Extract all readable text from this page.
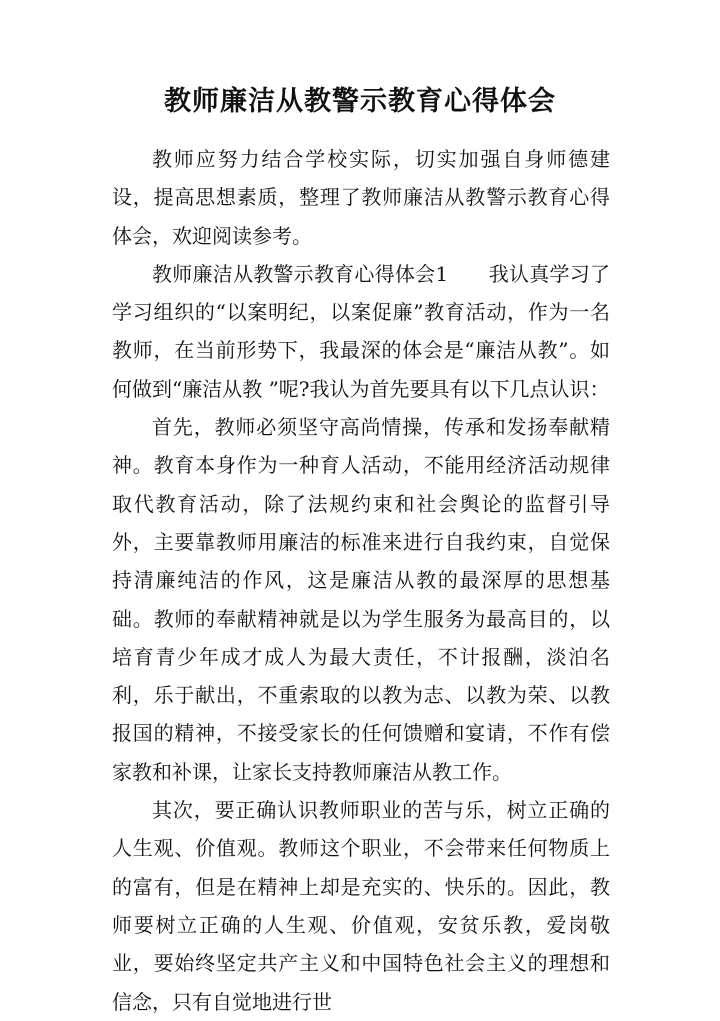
教师廉洁从教警示教育心得体会

教师应努力结合学校实际，切实加强自身师德建设，提高思想素质，整理了教师廉洁从教警示教育心得体会，欢迎阅读参考。

教师廉洁从教警示教育心得体会1　　我认真学习了学习组织的“以案明纪，以案促廉”教育活动，作为一名教师，在当前形势下，我最深的体会是“廉洁从教”。如何做到“廉洁从教 ”呢?我认为首先要具有以下几点认识：

首先，教师必须坚守高尚情操，传承和发扬奉献精神。教育本身作为一种育人活动，不能用经济活动规律取代教育活动，除了法规约束和社会舆论的监督引导外，主要靠教师用廉洁的标准来进行自我约束，自觉保持清廉纯洁的作风，这是廉洁从教的最深厚的思想基础。教师的奉献精神就是以为学生服务为最高目的，以培育青少年成才成人为最大责任，不计报酬，淡泊名利，乐于献出，不重索取的以教为志、以教为荣、以教报国的精神，不接受家长的任何馈赠和宴请，不作有偿家教和补课，让家长支持教师廉洁从教工作。

其次，要正确认识教师职业的苦与乐，树立正确的人生观、价值观。教师这个职业，不会带来任何物质上的富有，但是在精神上却是充实的、快乐的。因此，教师要树立正确的人生观、价值观，安贫乐教，爱岗敬业，要始终坚定共产主义和中国特色社会主义的理想和信念，只有自觉地进行世
